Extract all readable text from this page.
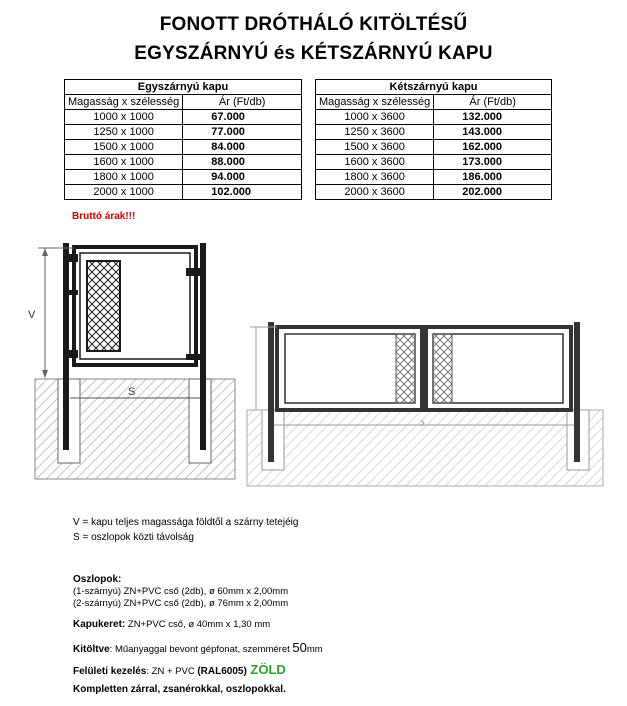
FONOTT DRÓTHÁLÓ KITÖLTÉSŰ
EGYSZÁRNYÚ és KÉTSZÁRNYÚ KAPU
Egyszárnyú kapu	
Magasság x szélesség	Ár (Ft/db)
1000 x 1000	67.000
1250 x 1000	77.000
1500 x 1000	84.000
1600 x 1000	88.000
1800 x 1000	94.000
2000 x 1000	102.000
Kétszárnyú kapu	
Magasság x szélesség	Ár (Ft/db)
1000 x 3600	132.000
1250 x 3600	143.000
1500 x 3600	162.000
1600 x 3600	173.000
1800 x 3600	186.000
2000 x 3600	202.000
Bruttó árak!!!
V
S
V = kapu teljes magassága földtől a szárny tetejéig
S = oszlopok közti távolság
Oszlopok:
(1-szárnyú) ZN+PVC cső (2db), ø 60mm x 2,00mm
(2-szárnyú) ZN+PVC cső (2db), ø 76mm x 2,00mm
Kapukeret: ZN+PVC cső, ø 40mm x 1,30 mm
Kitöltve: Műanyaggal bevont gépfonat, szemméret 50mm
Felületi kezelés: ZN + PVC (RAL6005) ZÖLD
Kompletten zárral, zsanérokkal, oszlopokkal.
